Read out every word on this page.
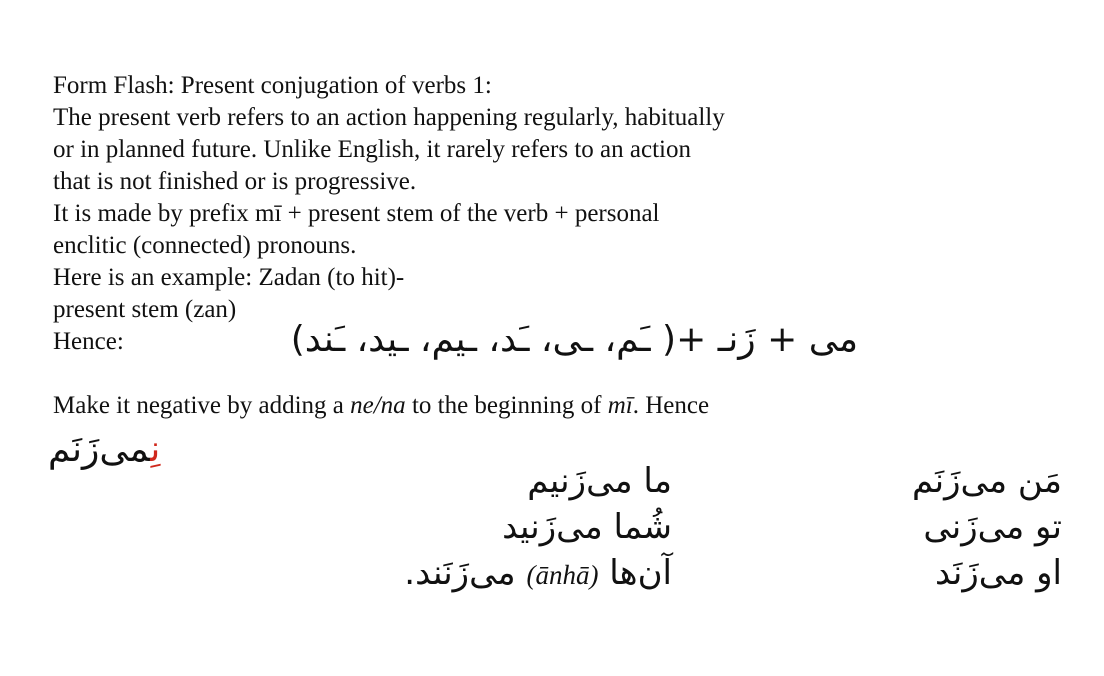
Form Flash: Present conjugation of verbs 1:
The present verb refers to an action happening regularly, habitually
or in planned future. Unlike English, it rarely refers to an action
that is not finished or is progressive.
It is made by prefix mī + present stem of the verb + personal
enclitic (connected) pronouns.
Here is an example: Zadan (to hit)-
present stem (zan)
Hence:	می + زَنـ +( ـَم، ـی، ـَد، ـیم، ـید، ـَند)
Make it negative by adding a ne/na to the beginning of mī. Hence
نِمی‌زَنَم
ما می‌زَنیم
شُما می‌زَنید
آن‌ها (ānhā) می‌زَنَند.
مَن می‌زَنَم
تو می‌زَنی
او می‌زَنَد
